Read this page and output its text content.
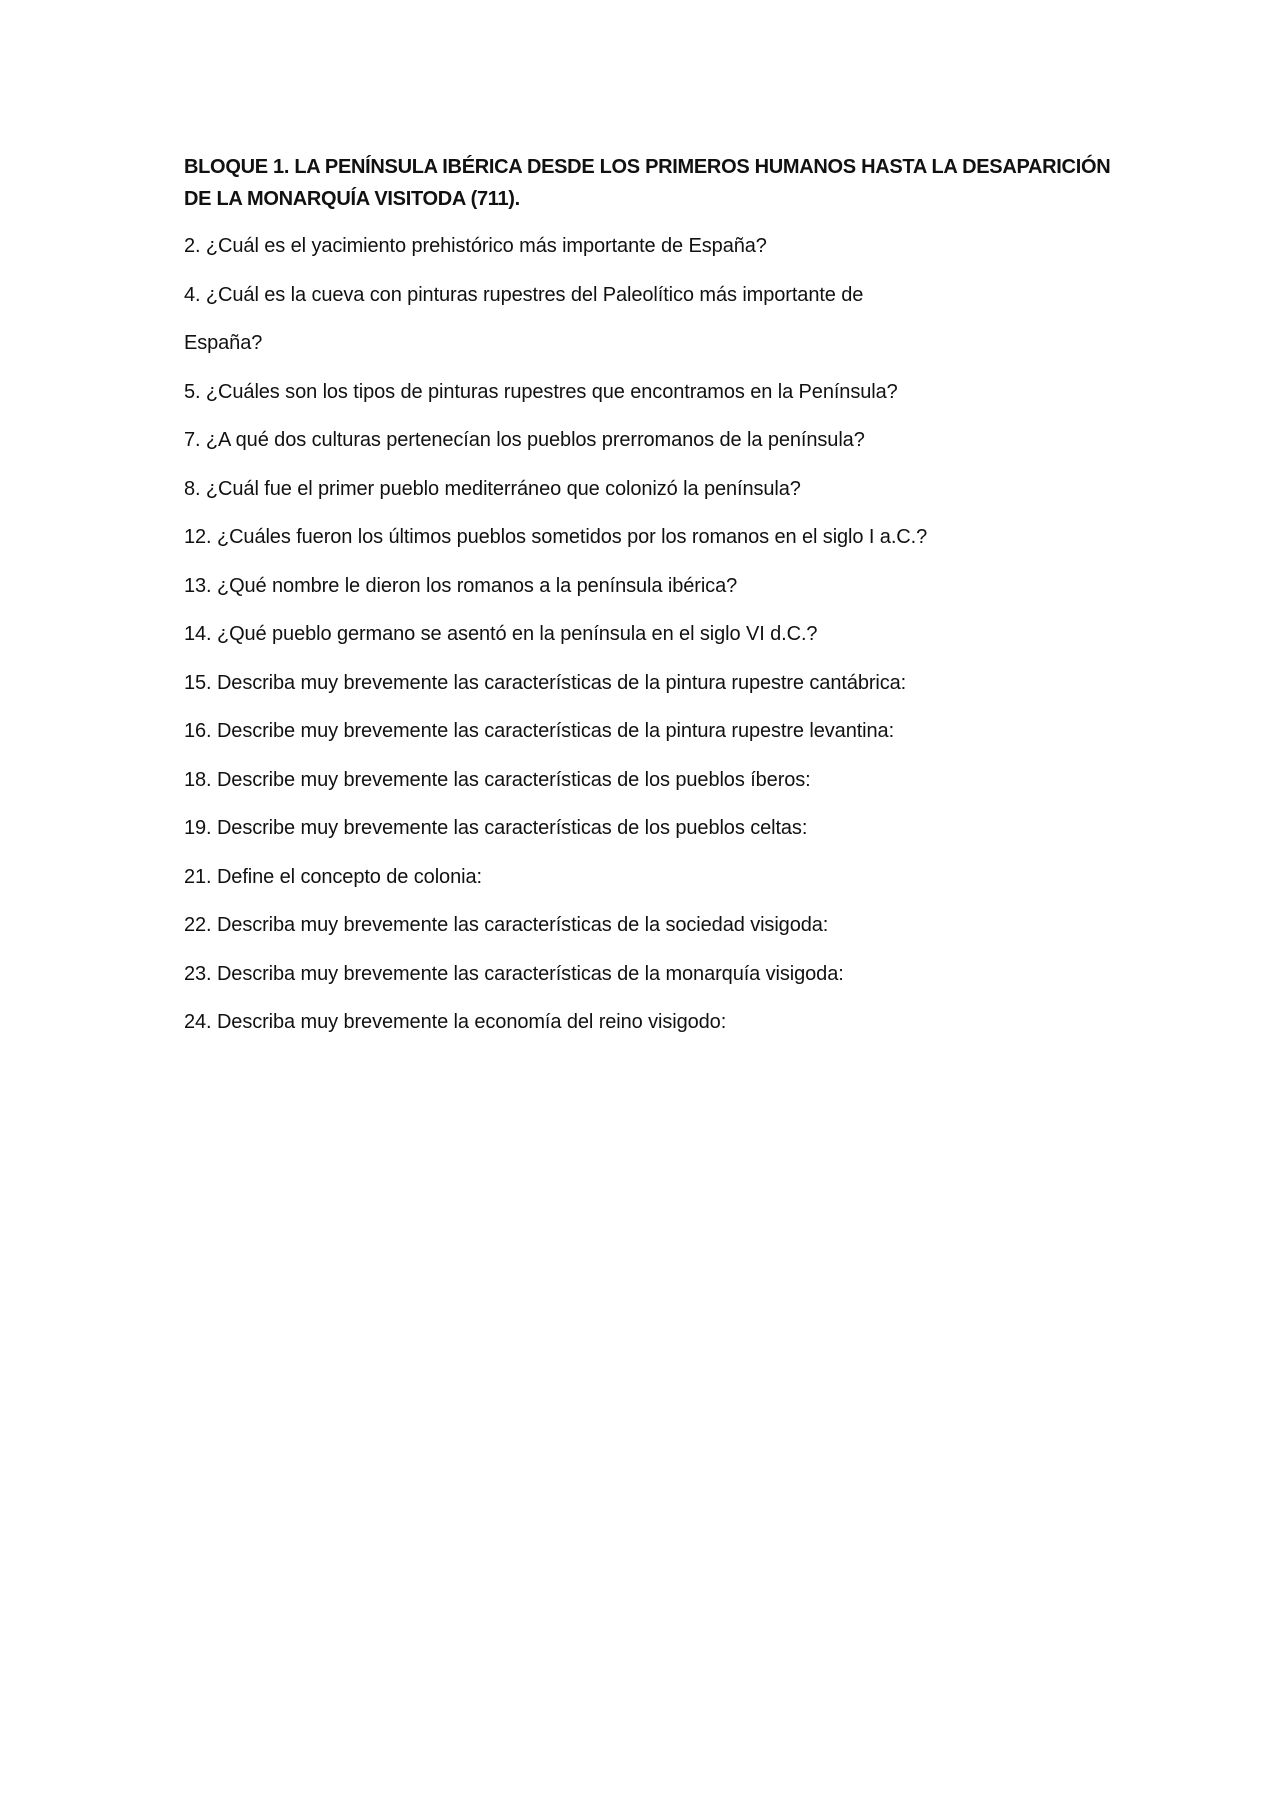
BLOQUE 1. LA PENÍNSULA IBÉRICA DESDE LOS PRIMEROS HUMANOS HASTA LA DESAPARICIÓN DE LA MONARQUÍA VISITODA (711).
2. ¿Cuál es el yacimiento prehistórico más importante de España?
4. ¿Cuál es la cueva con pinturas rupestres del Paleolítico más importante de
España?
5. ¿Cuáles son los tipos de pinturas rupestres que encontramos en la Península?
7. ¿A qué dos culturas pertenecían los pueblos prerromanos de la península?
8. ¿Cuál fue el primer pueblo mediterráneo que colonizó la península?
12. ¿Cuáles fueron los últimos pueblos sometidos por los romanos en el siglo I a.C.?
13. ¿Qué nombre le dieron los romanos a la península ibérica?
14. ¿Qué pueblo germano se asentó en la península en el siglo VI d.C.?
15. Describa muy brevemente las características de la pintura rupestre cantábrica:
16. Describe muy brevemente las características de la pintura rupestre levantina:
18. Describe muy brevemente las características de los pueblos íberos:
19. Describe muy brevemente las características de los pueblos celtas:
21. Define el concepto de colonia:
22. Describa muy brevemente las características de la sociedad visigoda:
23. Describa muy brevemente las características de la monarquía visigoda:
24. Describa muy brevemente la economía del reino visigodo:
